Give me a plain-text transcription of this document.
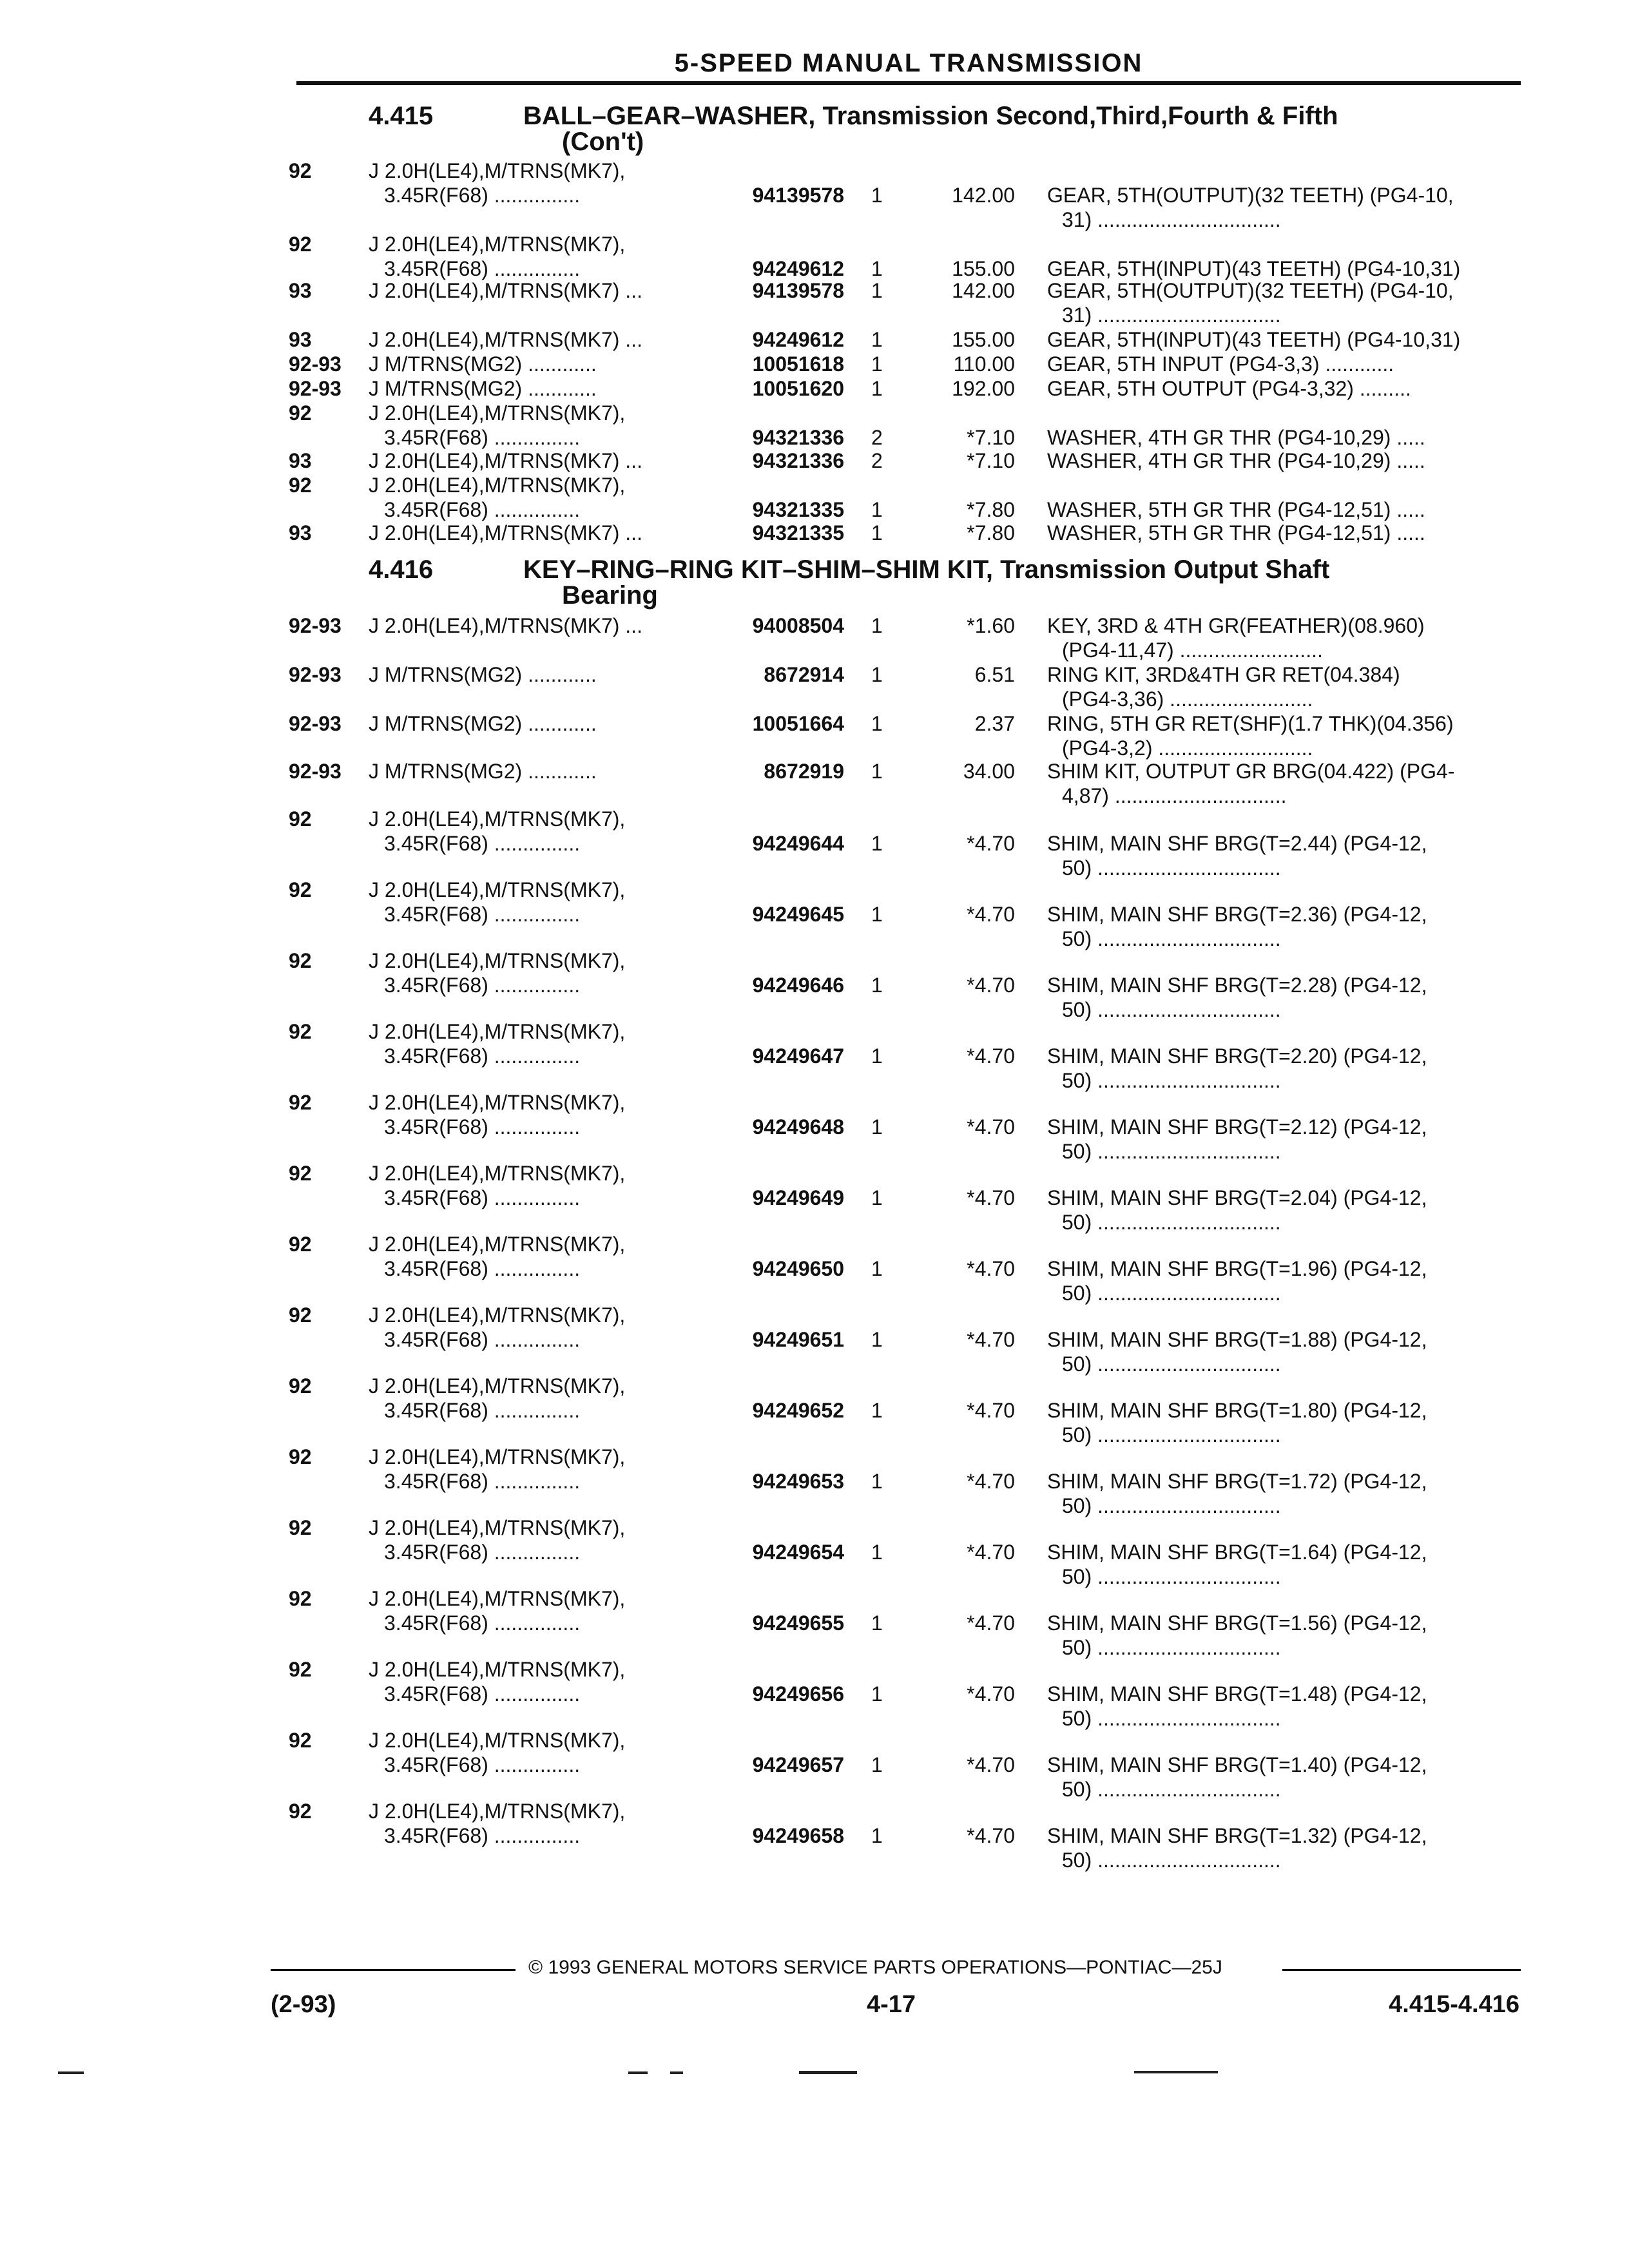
5-SPEED MANUAL TRANSMISSION
4.415	BALL–GEAR–WASHER, Transmission Second,Third,Fourth & Fifth
(Con't)
92	J 2.0H(LE4),M/TRNS(MK7),
3.45R(F68) ...............	94139578 1	142.00 GEAR, 5TH(OUTPUT)(32 TEETH) (PG4-10,
31) ................................
92	J 2.0H(LE4),M/TRNS(MK7),
3.45R(F68) ...............	94249612 1	155.00 GEAR, 5TH(INPUT)(43 TEETH) (PG4-10,31)
93	J 2.0H(LE4),M/TRNS(MK7) ...	94139578 1	142.00 GEAR, 5TH(OUTPUT)(32 TEETH) (PG4-10,
31) ................................
93	J 2.0H(LE4),M/TRNS(MK7) ...	94249612 1	155.00 GEAR, 5TH(INPUT)(43 TEETH) (PG4-10,31)
92-93 J M/TRNS(MG2) ............	10051618 1	110.00 GEAR, 5TH INPUT (PG4-3,3) ............
92-93 J M/TRNS(MG2) ............	10051620 1	192.00 GEAR, 5TH OUTPUT (PG4-3,32) .........
92	J 2.0H(LE4),M/TRNS(MK7),
3.45R(F68) ...............	94321336 2	*7.10 WASHER, 4TH GR THR (PG4-10,29) .....
93	J 2.0H(LE4),M/TRNS(MK7) ...	94321336 2	*7.10 WASHER, 4TH GR THR (PG4-10,29) .....
92	J 2.0H(LE4),M/TRNS(MK7),
3.45R(F68) ...............	94321335 1	*7.80 WASHER, 5TH GR THR (PG4-12,51) .....
93	J 2.0H(LE4),M/TRNS(MK7) ...	94321335 1	*7.80 WASHER, 5TH GR THR (PG4-12,51) .....
4.416	KEY–RING–RING KIT–SHIM–SHIM KIT, Transmission Output Shaft
Bearing
92-93 J 2.0H(LE4),M/TRNS(MK7) ...	94008504 1	*1.60 KEY, 3RD & 4TH GR(FEATHER)(08.960)
(PG4-11,47) .........................
92-93 J M/TRNS(MG2) ............	8672914 1	6.51 RING KIT, 3RD&4TH GR RET(04.384)
(PG4-3,36) .........................
92-93 J M/TRNS(MG2) ............	10051664 1	2.37 RING, 5TH GR RET(SHF)(1.7 THK)(04.356)
(PG4-3,2) ...........................
92-93 J M/TRNS(MG2) ............	8672919 1	34.00 SHIM KIT, OUTPUT GR BRG(04.422) (PG4-
4,87) ..............................
92	J 2.0H(LE4),M/TRNS(MK7),
3.45R(F68) ...............	94249644 1	*4.70 SHIM, MAIN SHF BRG(T=2.44) (PG4-12,
50) ................................
92	J 2.0H(LE4),M/TRNS(MK7),
3.45R(F68) ...............	94249645 1	*4.70 SHIM, MAIN SHF BRG(T=2.36) (PG4-12,
50) ................................
92	J 2.0H(LE4),M/TRNS(MK7),
3.45R(F68) ...............	94249646 1	*4.70 SHIM, MAIN SHF BRG(T=2.28) (PG4-12,
50) ................................
92	J 2.0H(LE4),M/TRNS(MK7),
3.45R(F68) ...............	94249647 1	*4.70 SHIM, MAIN SHF BRG(T=2.20) (PG4-12,
50) ................................
92	J 2.0H(LE4),M/TRNS(MK7),
3.45R(F68) ...............	94249648 1	*4.70 SHIM, MAIN SHF BRG(T=2.12) (PG4-12,
50) ................................
92	J 2.0H(LE4),M/TRNS(MK7),
3.45R(F68) ...............	94249649 1	*4.70 SHIM, MAIN SHF BRG(T=2.04) (PG4-12,
50) ................................
92	J 2.0H(LE4),M/TRNS(MK7),
3.45R(F68) ...............	94249650 1	*4.70 SHIM, MAIN SHF BRG(T=1.96) (PG4-12,
50) ................................
92	J 2.0H(LE4),M/TRNS(MK7),
3.45R(F68) ...............	94249651 1	*4.70 SHIM, MAIN SHF BRG(T=1.88) (PG4-12,
50) ................................
92	J 2.0H(LE4),M/TRNS(MK7),
3.45R(F68) ...............	94249652 1	*4.70 SHIM, MAIN SHF BRG(T=1.80) (PG4-12,
50) ................................
92	J 2.0H(LE4),M/TRNS(MK7),
3.45R(F68) ...............	94249653 1	*4.70 SHIM, MAIN SHF BRG(T=1.72) (PG4-12,
50) ................................
92	J 2.0H(LE4),M/TRNS(MK7),
3.45R(F68) ...............	94249654 1	*4.70 SHIM, MAIN SHF BRG(T=1.64) (PG4-12,
50) ................................
92	J 2.0H(LE4),M/TRNS(MK7),
3.45R(F68) ...............	94249655 1	*4.70 SHIM, MAIN SHF BRG(T=1.56) (PG4-12,
50) ................................
92	J 2.0H(LE4),M/TRNS(MK7),
3.45R(F68) ...............	94249656 1	*4.70 SHIM, MAIN SHF BRG(T=1.48) (PG4-12,
50) ................................
92	J 2.0H(LE4),M/TRNS(MK7),
3.45R(F68) ...............	94249657 1	*4.70 SHIM, MAIN SHF BRG(T=1.40) (PG4-12,
50) ................................
92	J 2.0H(LE4),M/TRNS(MK7),
3.45R(F68) ...............	94249658 1	*4.70 SHIM, MAIN SHF BRG(T=1.32) (PG4-12,
50) ................................
© 1993 GENERAL MOTORS SERVICE PARTS OPERATIONS—PONTIAC—25J
(2-93)	4-17	4.415-4.416
